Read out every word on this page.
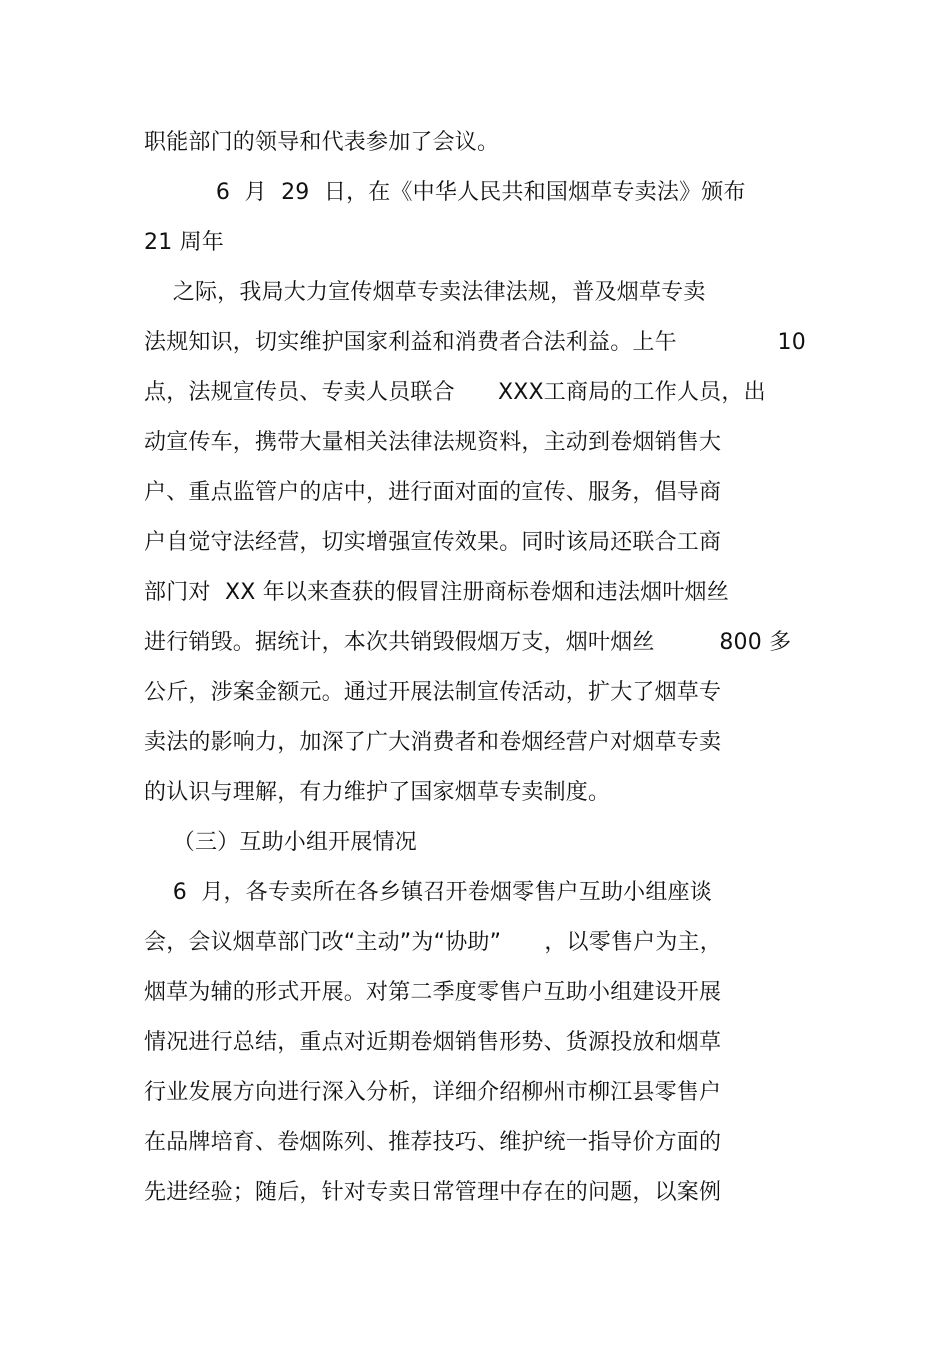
职能部门的领导和代表参加了会议。
6  月  29  日，在《中华人民共和国烟草专卖法》颁布
21 周年
之际，我局大力宣传烟草专卖法律法规，普及烟草专卖
法规知识，切实维护国家利益和消费者合法利益。上午              10
点，法规宣传员、专卖人员联合      XXX工商局的工作人员，出
动宣传车，携带大量相关法律法规资料，主动到卷烟销售大
户、重点监管户的店中，进行面对面的宣传、服务，倡导商
户自觉守法经营，切实增强宣传效果。同时该局还联合工商
部门对  XX 年以来查获的假冒注册商标卷烟和违法烟叶烟丝
进行销毁。据统计，本次共销毁假烟万支，烟叶烟丝         800 多
公斤，涉案金额元。通过开展法制宣传活动，扩大了烟草专
卖法的影响力，加深了广大消费者和卷烟经营户对烟草专卖
的认识与理解，有力维护了国家烟草专卖制度。
（三）互助小组开展情况
6  月，各专卖所在各乡镇召开卷烟零售户互助小组座谈
会，会议烟草部门改“主动”为“协助”      ，以零售户为主，
烟草为辅的形式开展。对第二季度零售户互助小组建设开展
情况进行总结，重点对近期卷烟销售形势、货源投放和烟草
行业发展方向进行深入分析，详细介绍柳州市柳江县零售户
在品牌培育、卷烟陈列、推荐技巧、维护统一指导价方面的
先进经验；随后，针对专卖日常管理中存在的问题，以案例
